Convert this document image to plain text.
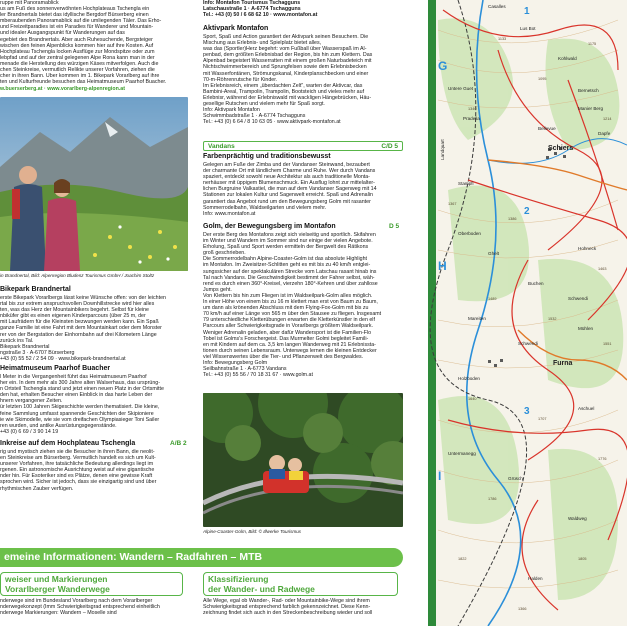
ruppe mit Panoramablick
us am Fuß des sonnenverwöhnten Hochplateaus Tschengla ein
ler Brandnertals bietet das idyllische Bergdorf Bürserberg einen
mberaubenden Panoramablick auf die umliegenden Täler. Das Erho-
und Freizeitparadies ist ein Paradies für Wanderer und Mountain-
und idealer Ausgangspunkt für Wanderungen auf das
egebiet des Brandnertals. Aber auch Ruhesuchende, Bergsteiger
wischen den feinen Alpenblicks kommen hier auf ihre Kosten. Auf
Hochplateau Tschengla locken Ausflüge zur Mondspitze oder zum
lebpfad und auf der zentral gelegenen Alpe Rona kann man in der
menade die Herstellung des würzigen Käses mitverfolgen. Auch die
chen Steinkreise, vermutlich Relikte unserer Vorfahren, ziehen die
cher in ihren Bann. Über kommen im 1. Bikepark Vorarlberg auf ihre
ten und Kulturfreunde besuchen das Heimatmuseum Paarhof Buacher.
w.buerserberg.at · www.vorarlberg-alpenregion.at
in Brandnertal, Bild: Alpenregion Bludenz Tourismus GmbH / Joachim Stoltz
Bikepark Brandnertal
erste Bikepark Vorarlbergs lässt keine Wünsche offen: von der leichten
rtal bis zur extrem anspruchsvollen Downhillstrecke wird hier alles
ten, was das Herz der Mountainbikers begehrt. Selbst für kleine
nbiküfer gibt es einen eigenen Kinderparcours (über 25 m, der
mit Laufrädern für die Kleinsten bezwungen werden kann. Ein Spaß
ganze Familie ist eine Fahrt mit dem Mountainkart oder dem Monster
rer von der Bergstation der Einhornbahn auf drei Kilometern Länge
zurück ins Tal.
Bikepark Brandnertal
ngstraße 3 · A-6707 Bürserberg
+43 (0) 55 52 / 2 54 09 · www.bikepark-brandnertal.at
Heimatmuseum Paarhof Buacher
l Meter in die Vergangenheit führt das Heimatmuseum Paarhof
her ein. In dem mehr als 300 Jahre alten Walserhaus, das ursprüng-
n Ortsteil Tschengla stand und jetzt einen neuen Platz in der Ortsmitte
den hat, erhalten Besucher einen Einblick in das harte Leben der
hnern vergangener Zeiten.
ür letzten 100 Jahren Skigeschichte werden thematisiert. Die kleine,
feine Sammlung umfasst spannende Geschichten der Skipioniere
ie wie Skimodelle, wie sie vom dreifachen Olympiasieger Toni Sailer
ren wurden, und antike Ausrüstungsgegenstände.
+43 (0) 6 69 / 3 90 14 19
Inkreise auf dem Hochplateau Tschengla	A/B 2
rig und mystisch ziehen sie die Besucher in ihren Bann, die neolit-
en Steinkreise am Bürserberg. Vermutlich handelt es sich um Kult-
unserer Vorfahren, ihre tatsächliche Bedeutung allerdings liegt im
rgenen. Ein astronomische Ausrichtung weist auf eine gigantische
nder hin. Für Esoteriker sind es Plätze, denen eine gewisse Kraft
sprochen wird. Sicher ist jedoch, dass sie einzigartig sind und über
rhythmischen Zauber verfügen.
Info: Montafon Tourismus Tschagguns
Latschaustraße 1 · A-6774 Tschagguns
Tel.: +43 (0) 50 / 6 68 62 10 · www.montafon.at
Aktivpark Montafon
Sport, Spaß und Action garantiert der Aktivpark seinen Besuchern. Die
Mischung aus Erlebnis- und Spielplatz bietet alles,
was das (Sportler)Herz begehrt: vom Fußball über Wasserspaß im Al-
penbad, dem größten Erlebnisbad der Region, bis hin zum Klettern. Das
Alpenbad begeistert Wasserratten mit einem großen Naturbadeteich mit
Nichtschwimmerbereich und Sprungfelsen sowie dem Erlebnisbecken
mit Wasserfontänen, Strömungskanal, Kinderplanschbecken und einer
70-m-Röhrenrutsche für Kinder.
Im Erlebnisreich, einem „überdachten Zelt", warten der Aktivcar, das
Bambini-Areal, Trampolin, Trampolin, Bootsteich und vieles mehr auf
Erlebnisr, während der Erlebniswald mit wackligen Hängebrücken, Häu-
gesellige Rutschen und vielem mehr für Spaß sorgt.
Info: Aktivpark Montafon
Schwimmbadstraße 1 · A-6774 Tschagguns
Tel.: +43 (0) 6 64 / 8 10 63 05 · www.aktivpark-montafon.at
Farbenprächtig und traditionsbewusst
Gelegen am Fuße der Zimba und der Vandanser Steinwand, bezaubert
der charmante Ort mit ländlichem Charme und Ruhe. Wer durch Vandans
spaziert, entdeckt sowohl neue Architektur als auch traditionelle Monta-
nerhäuser mit üppigem Blumenschmuck. Ein Ausflug lohnt zur mittelalter-
lichen Burgruine Valkastiel, die man auf dem Vandanser Sagenweg mit 14
Stationen zur lokalen Kultur und Sagenwelt erreicht. Spaß und Adrenalin
garantiert das Angebot rund um den Bewegungsberg Golm mit rasanter
Sommerrodelbahn, Waldseilgarten und vielem mehr.
Info: www.montafon.at
Golm, der Bewegungsberg im Montafon	D 5
Der erste Berg des Montafons zeigt sich vielseitig und sportlich. Skifahren
im Winter und Wandern im Sommer sind nur einige der vielen Angebote.
Erholung, Spaß und Sport werden ermitteln der Bergwelt des Rätikons
groß geschrieben.
Die Sommerrodelbahn Alpine-Coaster-Golm ist das absolute Highlight
im Montafon. Im Zweisitzer-Schlitten geht es mit bis zu 40 km/h entglei-
sungssicher auf der spektakulären Strecke vom Latschau rasant hinab ins
Tal nach Vandans. Die Geschwindigkeit bestimmt der Fahrer selbst, wäh-
rend es durch einen 360°-Kreisel, vierzehn 180°-Kehren und über zahllose
Jumps geht.
Von Klettern bis hin zum Fliegen ist im Waldseilpark-Golm alles möglich.
In einer Höhe von einem bis zu 16 m klettert man erst von Baum zu Baum,
um dann als krönenden Abschluss mit dem Flying-Fox-Golm mit bis zu
70 km/h auf einer Länge von 565 m über den Stausee zu fliegen. Insgesamt
79 unterschiedliche Kletterübungen erwarten die Kletterkünstler in den elf
Parcours aller Schwierigkeitsgrade in Vorarlbergs größtem Waldseilpark.
Weniger Adrenalin geladen, aber dafür Wandersport ist die Familien-Flo
Tobel ist Golms's Forschergeist. Das Murmelter Golmi begleitet Famili-
en mit Kindern auf dem ca. 3,5 km langen Wanderweg mit 21 Erlebnissta-
tionen durch seinen Lebensraum. Unterwegs lernen die kleinen Entdecker
viel Wissenswertes über die Tier- und Pflanzenwelt des Bergwaldes.
Info: Bewegungsberg Golm
Seilbahnstraße 1 · A-6773 Vandans
Tel.: +43 (0) 55 56 / 70 18 31 67 · www.golm.at
Alpine-Coaster-Golm, Bild: © Illwerke Tourismus
Vandans	C/D 5
G
H
I
1
2
3
Casalles
Lus Bot
Kohlwald
Untere Guet	Bernetsch
Pradella
Manier Berg
Bellevue
Dapfe
Schiers
Landquart
Stampfi
Oberboden
Ghelt
Hohneck
Buchen
Schwendi
Mareiten
Mühlen
Schwendi
Holzboden
Furna
Aschuel
Untermanegg
Grüsch
Waldweg
Halden
1133
1175
1095
1340
1214
1367
1386
1463
1489
1532
1551
1640
1707
1776
1786
1805
1822
1366
emeine Informationen: Wandern – Radfahren – MTB
weiser und Markierungen
Vorarlberger Wanderwege
nderwege sind im Bundesland Vorarlberg nach dem Vorarlberger
nderwegekonzept (Imm Schwierigkeitsgrad entsprechend einheitlich
nderwege Markierungen: Wandern – Moselle sind
Klassifizierung
der Wander- und Radwege
Alle Wege, egal ob Wander-, Rad- oder Mountainbike-Wege sind ihrem
Schwierigkeitsgrad entsprechend farblich gekennzeichnet. Diese Kenn-
zeichnung findet sich auch in den Streckenbeschreibung wieder und soll
